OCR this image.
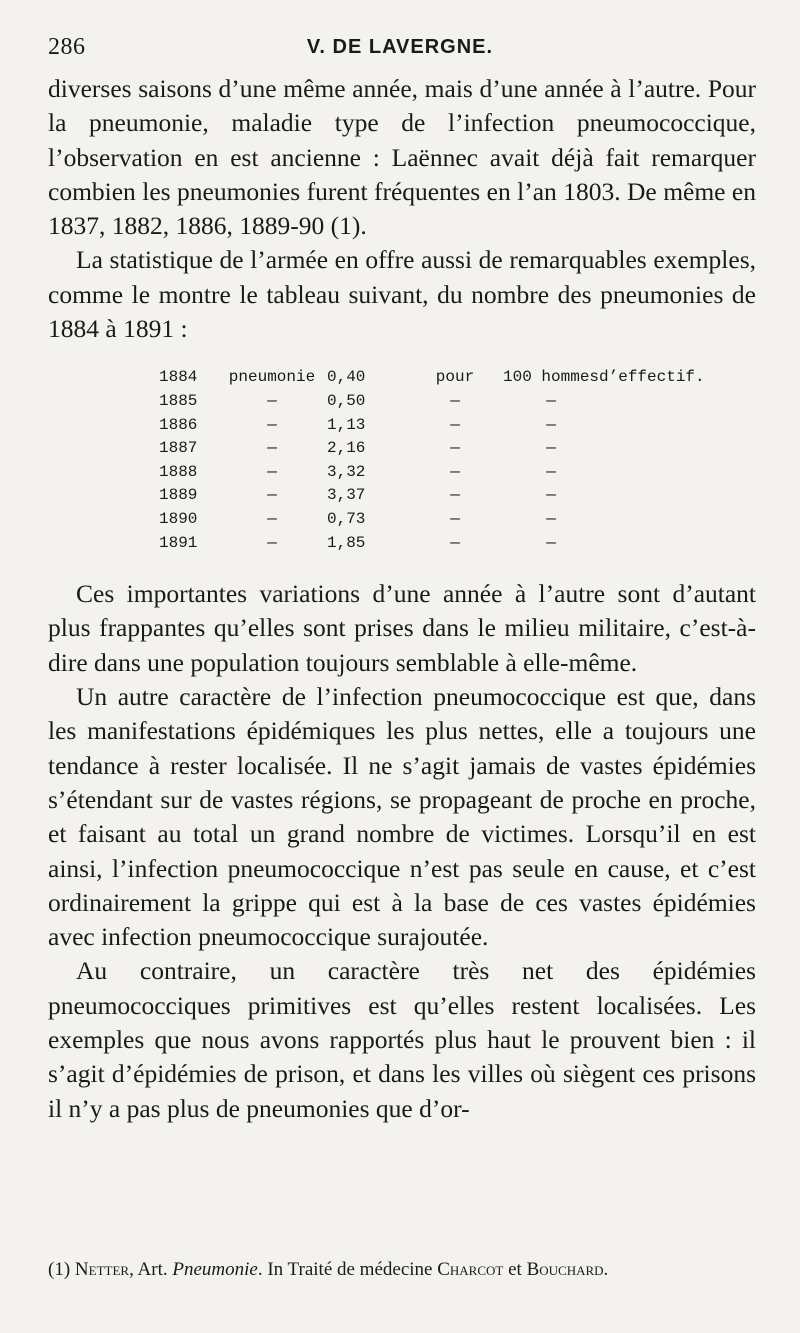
286	V. DE LAVERGNE.

diverses saisons d’une même année, mais d’une année à l’autre. Pour la pneumonie, maladie type de l’infection pneumococcique, l’observation en est ancienne : Laënnec avait déjà fait remarquer combien les pneumonies furent fréquentes en l’an 1803. De même en 1837, 1882, 1886, 1889-90 (1).

La statistique de l’armée en offre aussi de remarquables exemples, comme le montre le tableau suivant, du nombre des pneumonies de 1884 à 1891 :

1884	pneumonie	0,40	pour	100 hommes	d’effectif.
1885	—	0,50	—	—	
1886	—	1,13	—	—	
1887	—	2,16	—	—	
1888	—	3,32	—	—	
1889	—	3,37	—	—	
1890	—	0,73	—	—	
1891	—	1,85	—	—	

Ces importantes variations d’une année à l’autre sont d’autant plus frappantes qu’elles sont prises dans le milieu militaire, c’est-à-dire dans une population toujours semblable à elle-même.

Un autre caractère de l’infection pneumococcique est que, dans les manifestations épidémiques les plus nettes, elle a toujours une tendance à rester localisée. Il ne s’agit jamais de vastes épidémies s’étendant sur de vastes régions, se propageant de proche en proche, et faisant au total un grand nombre de victimes. Lorsqu’il en est ainsi, l’infection pneumococcique n’est pas seule en cause, et c’est ordinairement la grippe qui est à la base de ces vastes épidémies avec infection pneumococcique surajoutée.

Au contraire, un caractère très net des épidémies pneumococciques primitives est qu’elles restent localisées. Les exemples que nous avons rapportés plus haut le prouvent bien : il s’agit d’épidémies de prison, et dans les villes où siègent ces prisons il n’y a pas plus de pneumonies que d’or-

(1) Netter, Art. Pneumonie. In Traité de médecine Charcot et Bouchard.
